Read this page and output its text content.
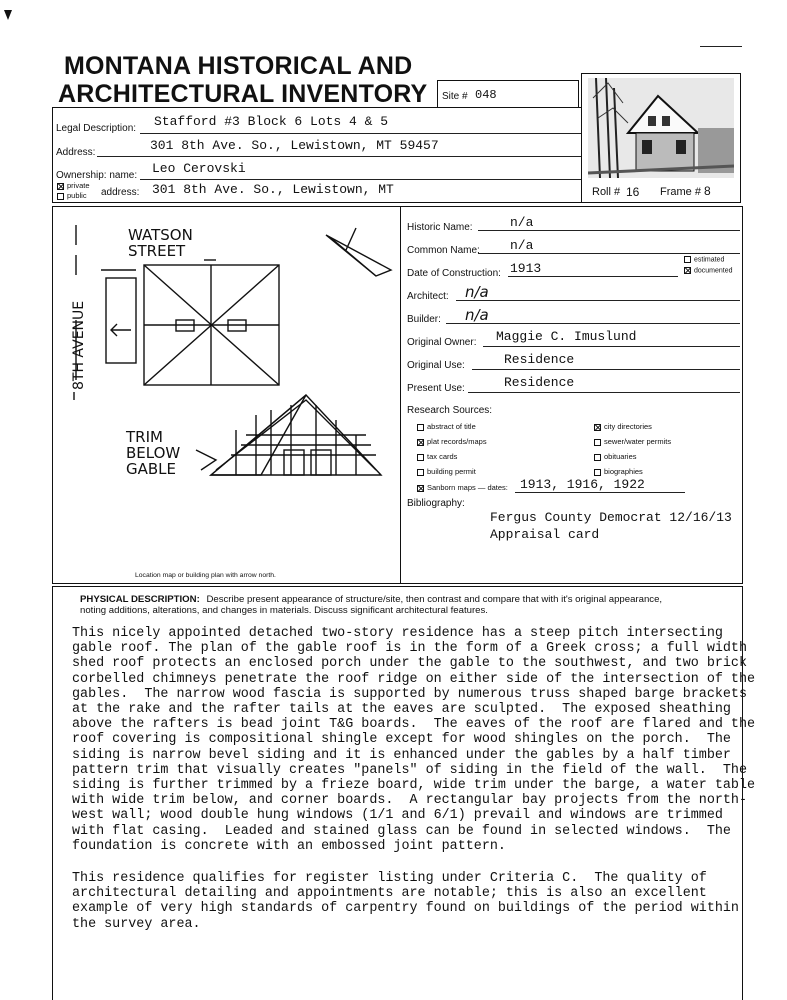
MONTANA HISTORICAL AND
ARCHITECTURAL INVENTORY Site # 048
Legal Description: Stafford #3 Block 6 Lots 4 & 5
Address:	301 8th Ave. So., Lewistown, MT 59457
Ownership: name: Leo Cerovski
private
public address: 301 8th Ave. So., Lewistown, MT	Roll # 16 Frame # 8
WATSON
STREET
8TH AVENUE
TRIM
BELOW
GABLE
Location map or building plan with arrow north.
Historic Name:	n/a
Common Name: n/a
Date of Construction: 1913
estimated
documented
Architect: n/a
Builder: n/a
Original Owner: Maggie C. Imuslund
Original Use:	Residence
Present Use:	Residence
Research Sources:
abstract of title
plat records/maps
tax cards
building permit
Sanborn maps — dates: 1913, 1916, 1922
city directories
sewer/water permits
obituaries
biographies
Bibliography:
Fergus County Democrat 12/16/13
Appraisal card
PHYSICAL DESCRIPTION: Describe present appearance of structure/site, then contrast and compare that with it's original appearance,
noting additions, alterations, and changes in materials. Discuss significant architectural features.
This nicely appointed detached two-story residence has a steep pitch intersecting
gable roof. The plan of the gable roof is in the form of a Greek cross; a full width
shed roof protects an enclosed porch under the gable to the southwest, and two brick
corbelled chimneys penetrate the roof ridge on either side of the intersection of the
gables.  The narrow wood fascia is supported by numerous truss shaped barge brackets
at the rake and the rafter tails at the eaves are sculpted.  The exposed sheathing
above the rafters is bead joint T&G boards.  The eaves of the roof are flared and the
roof covering is compositional shingle except for wood shingles on the porch.  The
siding is narrow bevel siding and it is enhanced under the gables by a half timber
pattern trim that visually creates "panels" of siding in the field of the wall.  The
siding is further trimmed by a frieze board, wide trim under the barge, a water table
with wide trim below, and corner boards.  A rectangular bay projects from the north-
west wall; wood double hung windows (1/1 and 6/1) prevail and windows are trimmed
with flat casing.  Leaded and stained glass can be found in selected windows.  The
foundation is concrete with an embossed joint pattern.
This residence qualifies for register listing under Criteria C.  The quality of
architectural detailing and appointments are notable; this is also an excellent
example of very high standards of carpentry found on buildings of the period within
the survey area.
